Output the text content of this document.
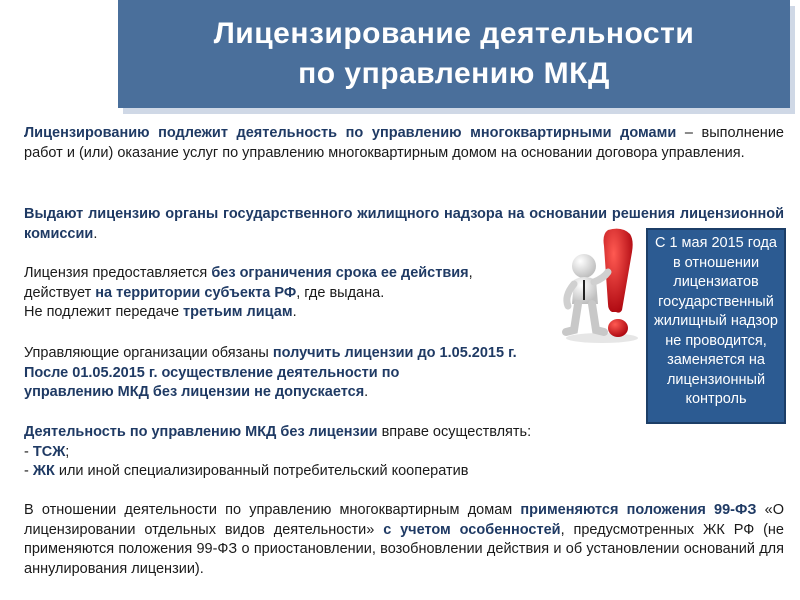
Лицензирование деятельности
по управлению МКД
Лицензированию подлежит деятельность по управлению многоквартирными домами – выполнение работ и (или) оказание услуг по управлению многоквартирным домом на основании договора управления.
Выдают лицензию органы государственного жилищного надзора на основании решения лицензионной комиссии.
Лицензия предоставляется без ограничения срока ее действия,
действует на территории субъекта РФ, где выдана.
Не подлежит передаче третьим лицам.
Управляющие организации обязаны получить лицензии до 1.05.2015 г.
После 01.05.2015 г. осуществление деятельности по
управлению МКД без лицензии не допускается.
Деятельность по управлению МКД без лицензии вправе осуществлять:
- ТСЖ;
- ЖК или иной специализированный потребительский кооператив
В отношении деятельности по управлению многоквартирным домам применяются положения 99-ФЗ «О лицензировании отдельных видов деятельности» с учетом особенностей, предусмотренных ЖК РФ (не применяются положения 99-ФЗ о приостановлении, возобновлении действия и об установлении оснований для аннулирования лицензии).
С 1 мая 2015 года в отношении лицензиатов государственный жилищный надзор не проводится, заменяется на лицензионный контроль
